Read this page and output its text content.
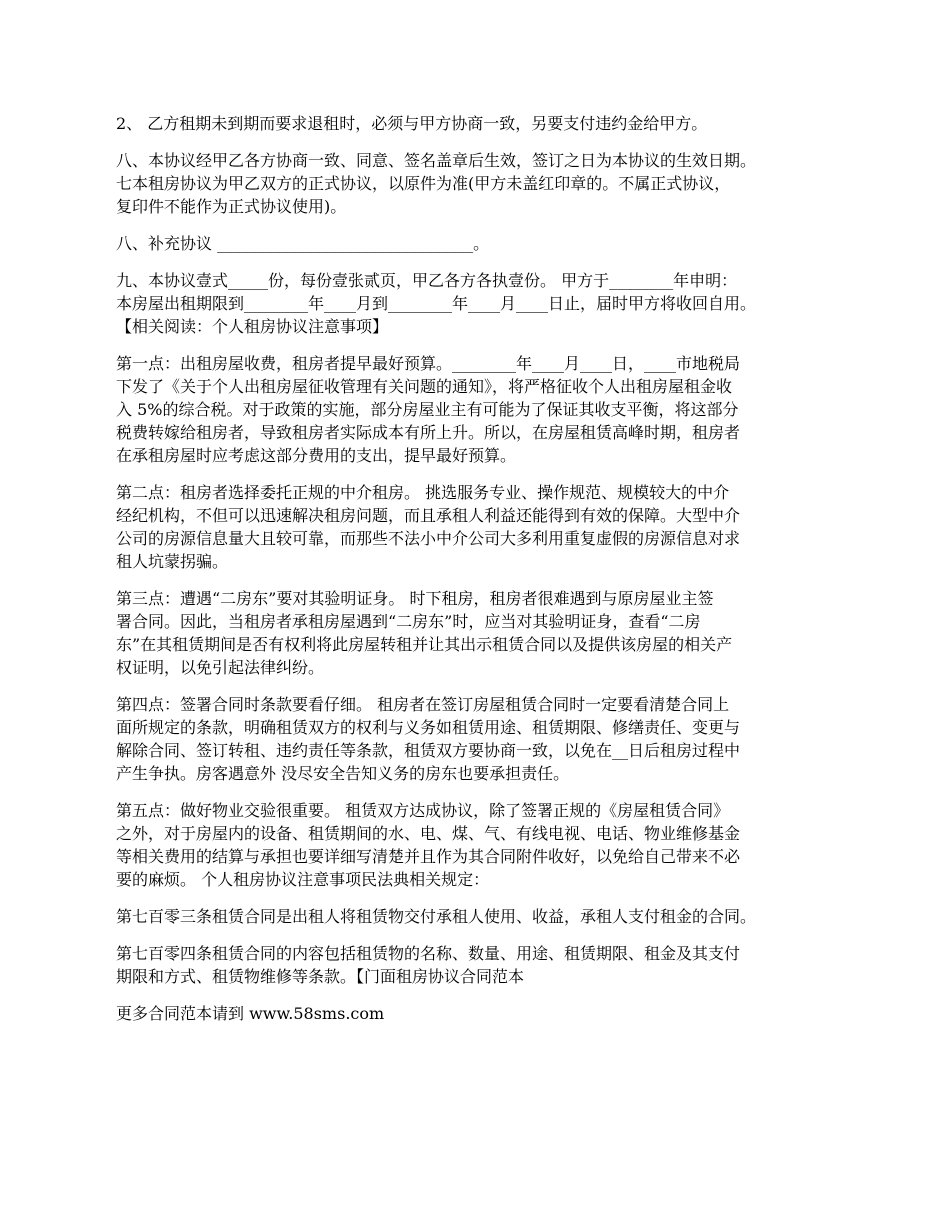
2、 乙方租期未到期而要求退租时，必须与甲方协商一致，另要支付违约金给甲方。

八、本协议经甲乙各方协商一致、同意、签名盖章后生效，签订之日为本协议的生效日期。
七本租房协议为甲乙双方的正式协议，以原件为准(甲方未盖红印章的。不属正式协议，
复印件不能作为正式协议使用)。

八、补充协议 ________________________________。

九、本协议壹式_____份，每份壹张贰页，甲乙各方各执壹份。 甲方于________年申明：
本房屋出租期限到________年____月到________年____月____日止，届时甲方将收回自用。
【相关阅读：个人租房协议注意事项】

第一点：出租房屋收费，租房者提早最好预算。________年____月____日，____市地税局
下发了《关于个人出租房屋征收管理有关问题的通知》，将严格征收个人出租房屋租金收
入 5%的综合税。对于政策的实施，部分房屋业主有可能为了保证其收支平衡，将这部分
税费转嫁给租房者，导致租房者实际成本有所上升。所以，在房屋租赁高峰时期，租房者
在承租房屋时应考虑这部分费用的支出，提早最好预算。

第二点：租房者选择委托正规的中介租房。 挑选服务专业、操作规范、规模较大的中介
经纪机构，不但可以迅速解决租房问题，而且承租人利益还能得到有效的保障。大型中介
公司的房源信息量大且较可靠，而那些不法小中介公司大多利用重复虚假的房源信息对求
租人坑蒙拐骗。

第三点：遭遇“二房东”要对其验明证身。 时下租房，租房者很难遇到与原房屋业主签
署合同。因此，当租房者承租房屋遇到“二房东”时，应当对其验明证身，查看“二房
东”在其租赁期间是否有权利将此房屋转租并让其出示租赁合同以及提供该房屋的相关产
权证明，以免引起法律纠纷。

第四点：签署合同时条款要看仔细。 租房者在签订房屋租赁合同时一定要看清楚合同上
面所规定的条款，明确租赁双方的权利与义务如租赁用途、租赁期限、修缮责任、变更与
解除合同、签订转租、违约责任等条款，租赁双方要协商一致，以免在__日后租房过程中
产生争执。房客遇意外 没尽安全告知义务的房东也要承担责任。

第五点：做好物业交验很重要。 租赁双方达成协议，除了签署正规的《房屋租赁合同》
之外，对于房屋内的设备、租赁期间的水、电、煤、气、有线电视、电话、物业维修基金
等相关费用的结算与承担也要详细写清楚并且作为其合同附件收好，以免给自己带来不必
要的麻烦。 个人租房协议注意事项民法典相关规定：

第七百零三条租赁合同是出租人将租赁物交付承租人使用、收益，承租人支付租金的合同。

第七百零四条租赁合同的内容包括租赁物的名称、数量、用途、租赁期限、租金及其支付
期限和方式、租赁物维修等条款。【门面租房协议合同范本

更多合同范本请到 www.58sms.com
